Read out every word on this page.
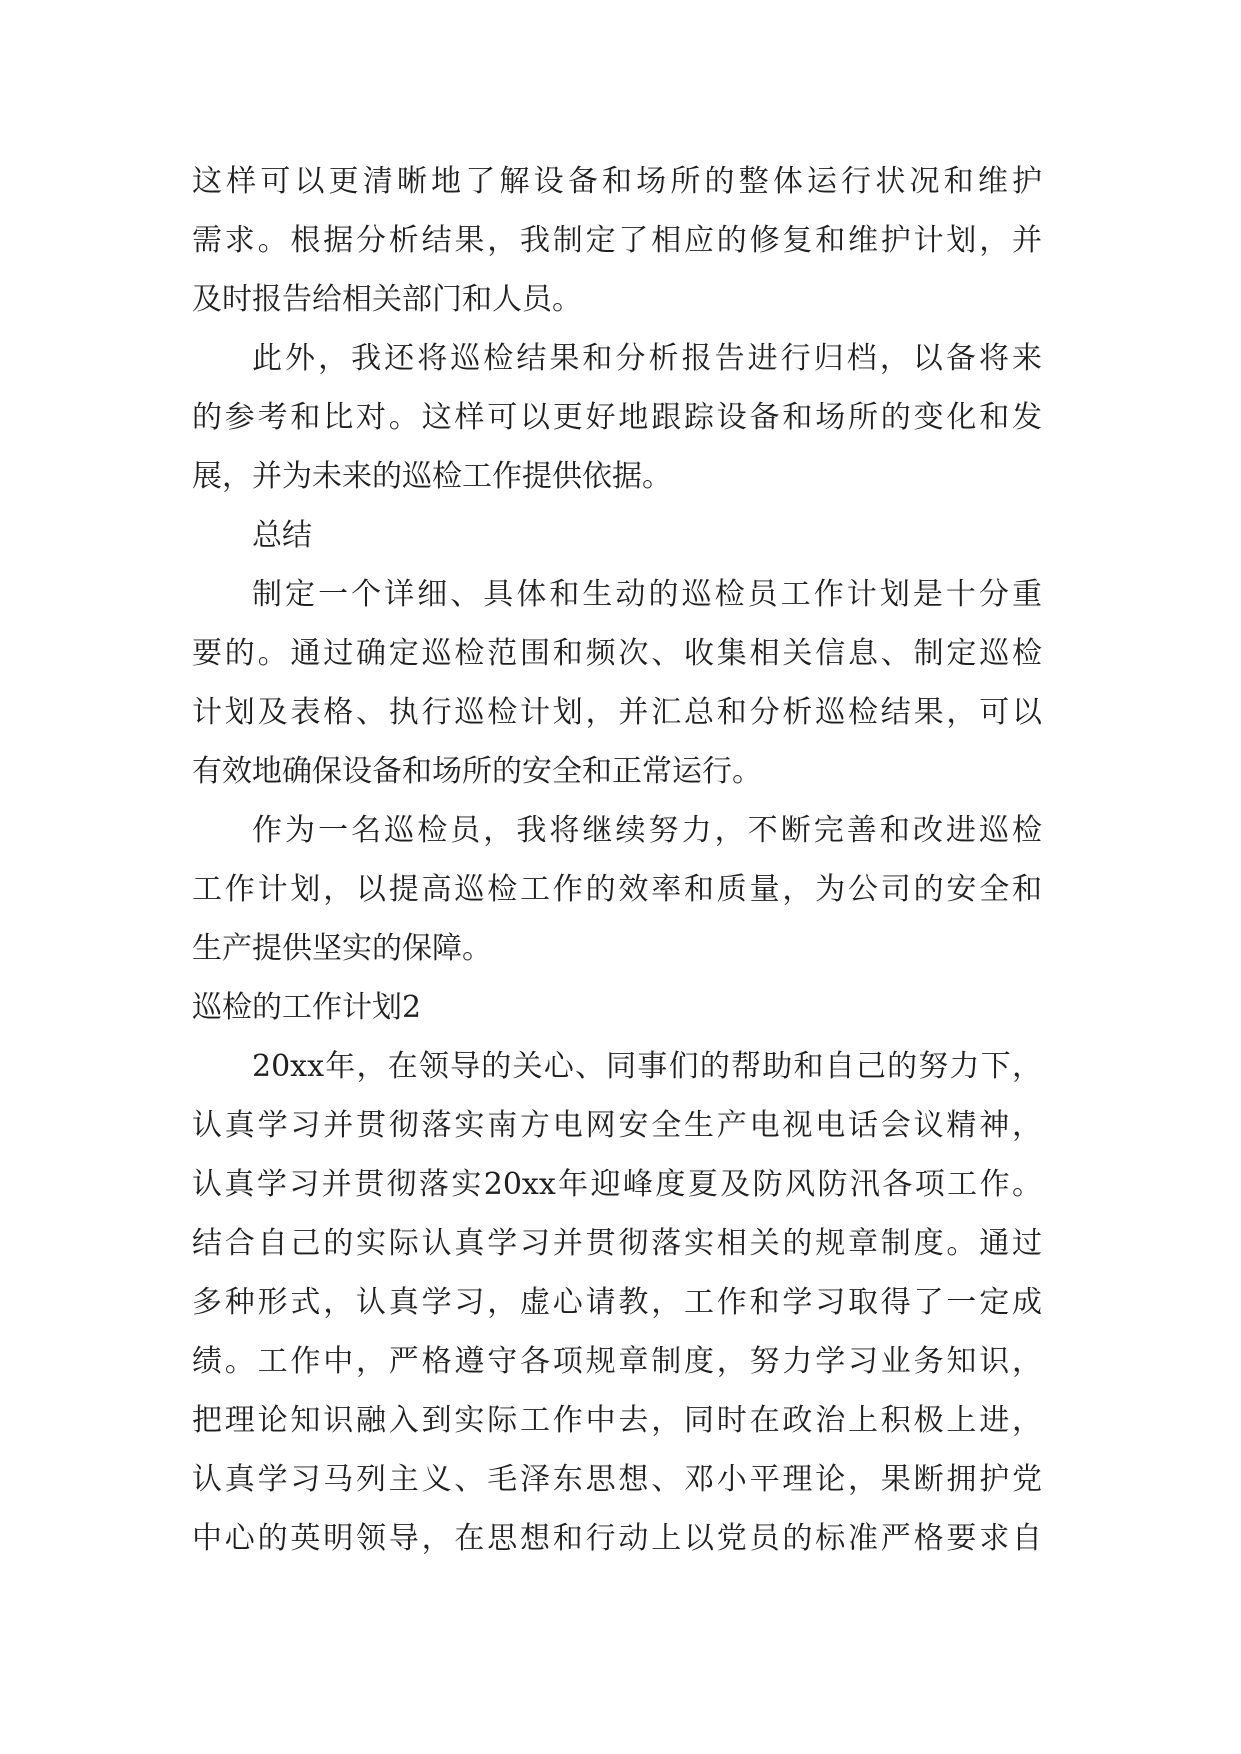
这样可以更清晰地了解设备和场所的整体运行状况和维护
需求。根据分析结果，我制定了相应的修复和维护计划，并
及时报告给相关部门和人员。
此外，我还将巡检结果和分析报告进行归档，以备将来
的参考和比对。这样可以更好地跟踪设备和场所的变化和发
展，并为未来的巡检工作提供依据。
总结
制定一个详细、具体和生动的巡检员工作计划是十分重
要的。通过确定巡检范围和频次、收集相关信息、制定巡检
计划及表格、执行巡检计划，并汇总和分析巡检结果，可以
有效地确保设备和场所的安全和正常运行。
作为一名巡检员，我将继续努力，不断完善和改进巡检
工作计划，以提高巡检工作的效率和质量，为公司的安全和
生产提供坚实的保障。
巡检的工作计划2
20xx年，在领导的关心、同事们的帮助和自己的努力下，
认真学习并贯彻落实南方电网安全生产电视电话会议精神，
认真学习并贯彻落实20xx年迎峰度夏及防风防汛各项工作。
结合自己的实际认真学习并贯彻落实相关的规章制度。通过
多种形式，认真学习，虚心请教，工作和学习取得了一定成
绩。工作中，严格遵守各项规章制度，努力学习业务知识，
把理论知识融入到实际工作中去，同时在政治上积极上进，
认真学习马列主义、毛泽东思想、邓小平理论，果断拥护党
中心的英明领导，在思想和行动上以党员的标准严格要求自
